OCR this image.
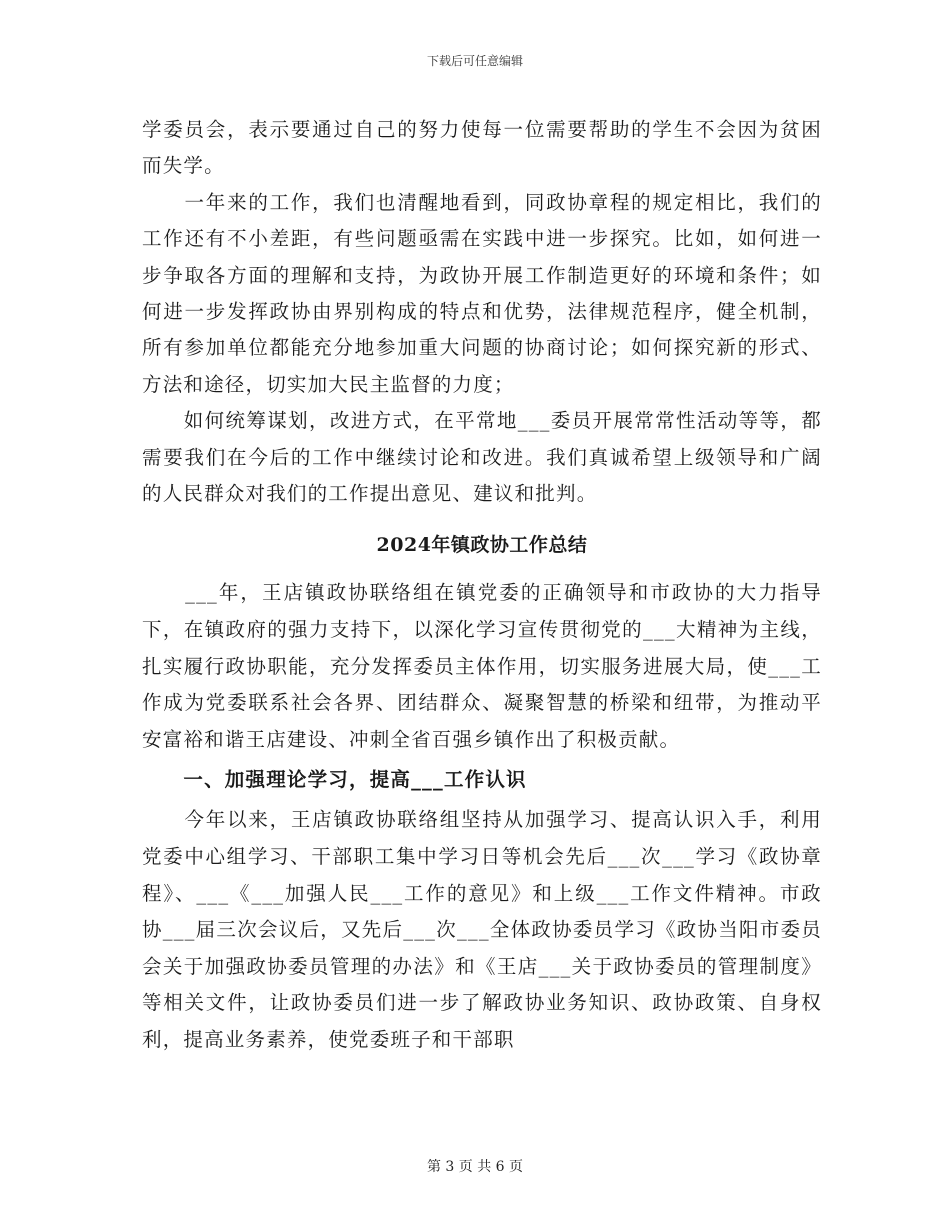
下载后可任意编辑

学委员会，表示要通过自己的努力使每一位需要帮助的学生不会因为贫困而失学。

　　一年来的工作，我们也清醒地看到，同政协章程的规定相比，我们的工作还有不小差距，有些问题亟需在实践中进一步探究。比如，如何进一步争取各方面的理解和支持，为政协开展工作制造更好的环境和条件；如何进一步发挥政协由界别构成的特点和优势，法律规范程序，健全机制，所有参加单位都能充分地参加重大问题的协商讨论；如何探究新的形式、方法和途径，切实加大民主监督的力度；

　　如何统筹谋划，改进方式，在平常地___委员开展常常性活动等等，都需要我们在今后的工作中继续讨论和改进。我们真诚希望上级领导和广阔的人民群众对我们的工作提出意见、建议和批判。

2024年镇政协工作总结

　　___年，王店镇政协联络组在镇党委的正确领导和市政协的大力指导下，在镇政府的强力支持下，以深化学习宣传贯彻党的___大精神为主线，扎实履行政协职能，充分发挥委员主体作用，切实服务进展大局，使___工作成为党委联系社会各界、团结群众、凝聚智慧的桥梁和纽带，为推动平安富裕和谐王店建设、冲刺全省百强乡镇作出了积极贡献。

　　一、加强理论学习，提高___工作认识

　　今年以来，王店镇政协联络组坚持从加强学习、提高认识入手，利用党委中心组学习、干部职工集中学习日等机会先后___次___学习《政协章程》、___《___加强人民___工作的意见》和上级___工作文件精神。市政协___届三次会议后，又先后___次___全体政协委员学习《政协当阳市委员会关于加强政协委员管理的办法》和《王店___关于政协委员的管理制度》等相关文件，让政协委员们进一步了解政协业务知识、政协政策、自身权利，提高业务素养，使党委班子和干部职

第 3 页 共 6 页
